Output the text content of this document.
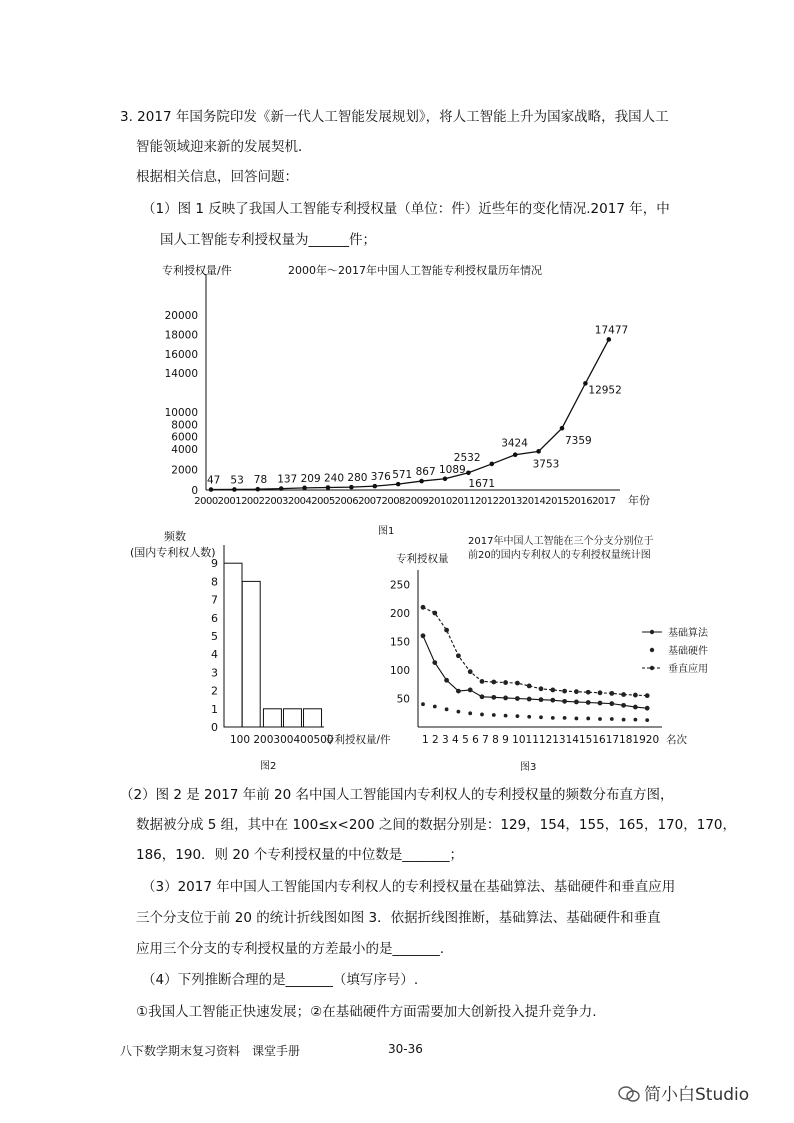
3. 2017 年国务院印发《新一代人工智能发展规划》，将人工智能上升为国家战略，我国人工
智能领域迎来新的发展契机．
根据相关信息，回答问题：
（1）图 1 反映了我国人工智能专利授权量（单位：件）近些年的变化情况.2017 年，中
国人工智能专利授权量为______件；
专利授权量/件	2000年～2017年中国人工智能专利授权量历年情况
0
2000
4000
6000
8000
10000
14000
16000
18000
20000
2000 2001 2002 2003 2004 2005 2006 2007 2008 2009 2010 2011 2012 2013 2014 2015 2016 2017
47 53 78 137 209 240 280 376 571 867 1089
1671
2532
3424
3753
7359
12952
17477
年份
图1
频数
(国内专利权人数)
0
1
2
3
4
5
6
7
8
9
100 200300400500
专利授权量/件
图2
2017年中国人工智能在三个分支分别位于
前20的国内专利权人的专利授权量统计图
专利授权量
50
100
150
200
250
基础算法
基础硬件
垂直应用
1 2 3 4 5 6 7 8 9 1011121314151617181920 名次
图3
（2）图 2 是 2017 年前 20 名中国人工智能国内专利权人的专利授权量的频数分布直方图，
数据被分成 5 组，其中在 100≤x<200 之间的数据分别是：129，154，155，165，170，170，
186，190．则 20 个专利授权量的中位数是_______；
（3）2017 年中国人工智能国内专利权人的专利授权量在基础算法、基础硬件和垂直应用
三个分支位于前 20 的统计折线图如图 3．依据折线图推断，基础算法、基础硬件和垂直
应用三个分支的专利授权量的方差最小的是_______.
（4）下列推断合理的是_______（填写序号）.
①我国人工智能正快速发展；②在基础硬件方面需要加大创新投入提升竞争力.
八下数学期末复习资料　课堂手册	30-36
简小白Studio
